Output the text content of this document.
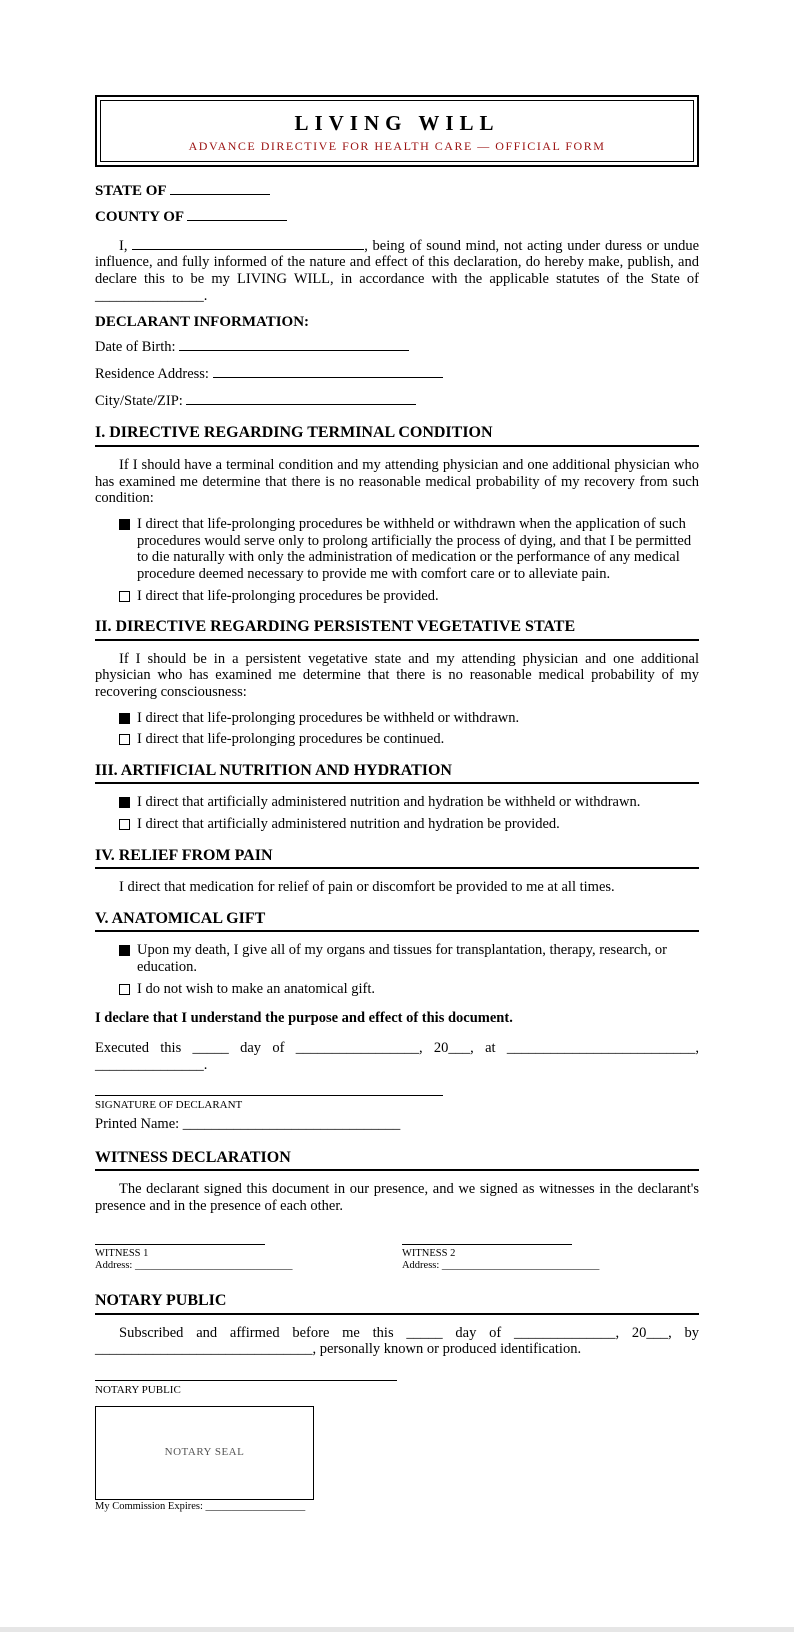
LIVING WILL
ADVANCE DIRECTIVE FOR HEALTH CARE — OFFICIAL FORM
STATE OF
COUNTY OF

I,	, being of sound mind, not acting under duress or undue influence, and fully informed of the nature and effect of this declaration, do hereby make, publish, and declare this to be my LIVING WILL, in accordance with the applicable statutes of the State of _______________.

DECLARANT INFORMATION:
Date of Birth:
Residence Address:
City/State/ZIP:
I. DIRECTIVE REGARDING TERMINAL CONDITION

If I should have a terminal condition and my attending physician and one additional physician who has examined me determine that there is no reasonable medical probability of my recovery from such condition:

I direct that life-prolonging procedures be withheld or withdrawn when the application of such procedures would serve only to prolong artificially the process of dying, and that I be permitted to die naturally with only the administration of medication or the performance of any medical procedure deemed necessary to provide me with comfort care or to alleviate pain.
I direct that life-prolonging procedures be provided.
II. DIRECTIVE REGARDING PERSISTENT VEGETATIVE STATE

If I should be in a persistent vegetative state and my attending physician and one additional physician who has examined me determine that there is no reasonable medical probability of my recovering consciousness:

I direct that life-prolonging procedures be withheld or withdrawn.
I direct that life-prolonging procedures be continued.
III. ARTIFICIAL NUTRITION AND HYDRATION
I direct that artificially administered nutrition and hydration be withheld or withdrawn.
I direct that artificially administered nutrition and hydration be provided.
IV. RELIEF FROM PAIN

I direct that medication for relief of pain or discomfort be provided to me at all times.

V. ANATOMICAL GIFT
Upon my death, I give all of my organs and tissues for transplantation, therapy, research, or education.
I do not wish to make an anatomical gift.

I declare that I understand the purpose and effect of this document.

Executed this _____ day of _________________, 20___, at __________________________,

_______________.

SIGNATURE OF DECLARANT

Printed Name: ______________________________

WITNESS DECLARATION

The declarant signed this document in our presence, and we signed as witnesses in the declarant's presence and in the presence of each other.

WITNESS 1
Address: ______________________________
WITNESS 2
Address: ______________________________
NOTARY PUBLIC

Subscribed and affirmed before me this _____ day of ______________, 20___, by ______________________________, personally known or produced identification.

NOTARY PUBLIC
NOTARY SEAL
My Commission Expires: ___________________
